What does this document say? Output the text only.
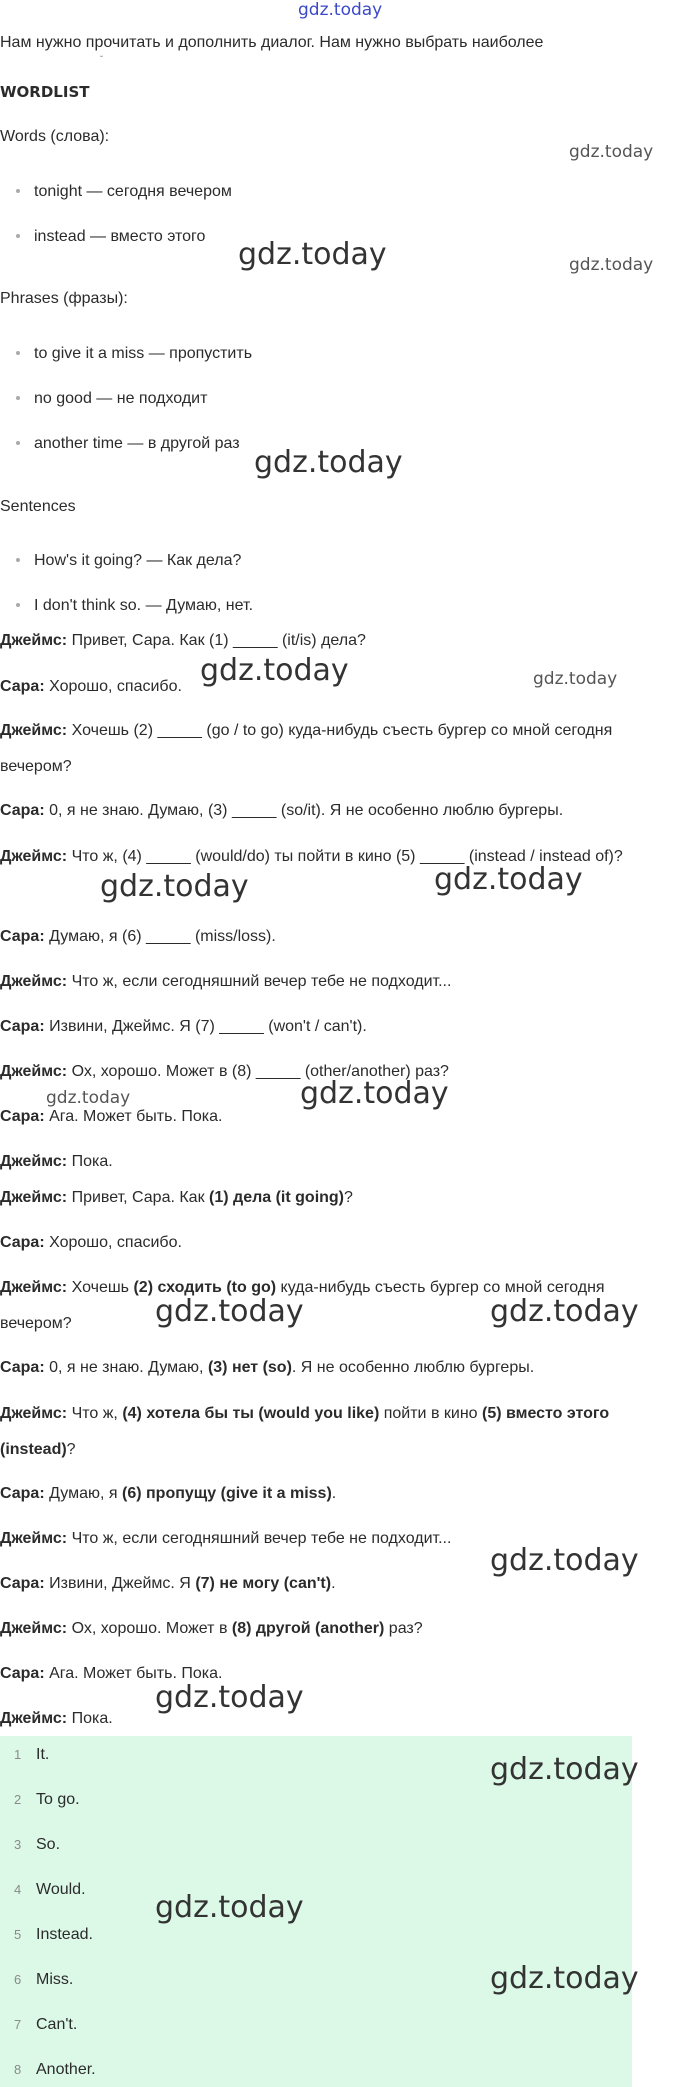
gdz.today
Нам нужно прочитать и дополнить диалог. Нам нужно выбрать наиболее
˘
WORDLIST
Words (слова):
tonight — сегодня вечером
instead — вместо этого
Phrases (фразы):
to give it a miss — пропустить
no good — не подходит
another time — в другой раз
Sentences
How's it going? — Как дела?
I don't think so. — Думаю, нет.
Джеймс: Привет, Сара. Как (1) _____ (it/is) дела?
Сара: Хорошо, спасибо.
Джеймс: Хочешь (2) _____ (go / to go) куда-нибудь съесть бургер со мной сегодня вечером?
Сара: 0, я не знаю. Думаю, (3) _____ (so/it). Я не особенно люблю бургеры.
Джеймс: Что ж, (4) _____ (would/do) ты пойти в кино (5) _____ (instead / instead of)?
Сара: Думаю, я (6) _____ (miss/loss).
Джеймс: Что ж, если сегодняшний вечер тебе не подходит...
Сара: Извини, Джеймс. Я (7) _____ (won't / can't).
Джеймс: Ох, хорошо. Может в (8) _____ (other/another) раз?
Сара: Ага. Может быть. Пока.
Джеймс: Пока.
Джеймс: Привет, Сара. Как (1) дела (it going)?
Сара: Хорошо, спасибо.
Джеймс: Хочешь (2) сходить (to go) куда-нибудь съесть бургер со мной сегодня вечером?
Сара: 0, я не знаю. Думаю, (3) нет (so). Я не особенно люблю бургеры.
Джеймс: Что ж, (4) хотела бы ты (would you like) пойти в кино (5) вместо этого (instead)?
Сара: Думаю, я (6) пропущу (give it a miss).
Джеймс: Что ж, если сегодняшний вечер тебе не подходит...
Сара: Извини, Джеймс. Я (7) не могу (can't).
Джеймс: Ох, хорошо. Может в (8) другой (another) раз?
Сара: Ага. Может быть. Пока.
Джеймс: Пока.
1 It.
2 To go.
3 So.
4 Would.
5 Instead.
6 Miss.
7 Can't.
8 Another.
gdz.today
gdz.today	gdz.today
gdz.today
gdz.today	gdz.today
gdz.today	gdz.today
gdz.today	gdz.today
gdz.today	gdz.today
gdz.today
gdz.today
gdz.today
gdz.today
gdz.today
